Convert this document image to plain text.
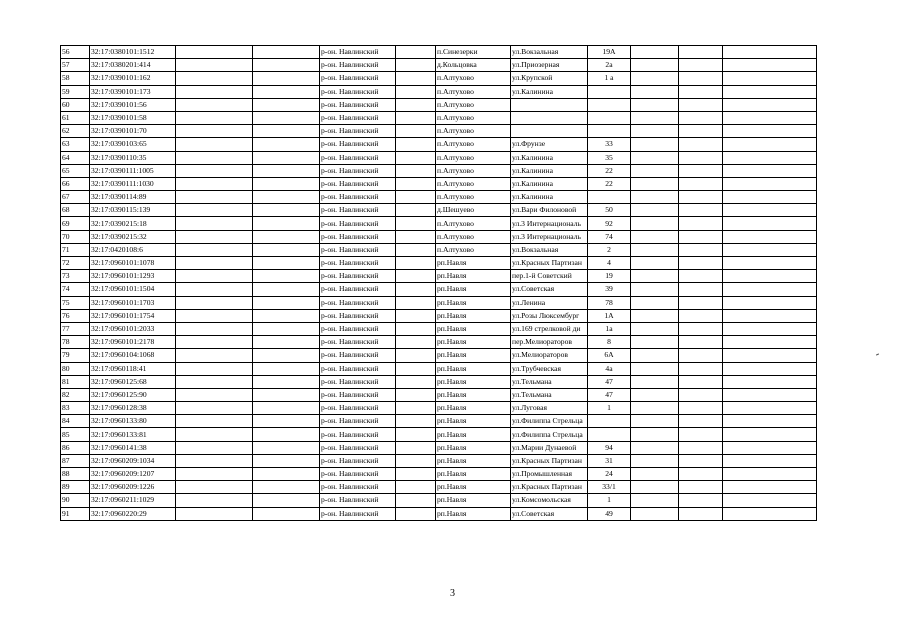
56	32:17:0380101:1512			р-он. Навлинский		п.Синезерки	ул.Вокзальная	19А			
57	32:17:0380201:414			р-он. Навлинский		д.Кольцовка	ул.Приозерная	2а			
58	32:17:0390101:162			р-он. Навлинский		п.Алтухово	ул.Крупской	1 а			
59	32:17:0390101:173			р-он. Навлинский		п.Алтухово	ул.Калинина				
60	32:17:0390101:56			р-он. Навлинский		п.Алтухово					
61	32:17:0390101:58			р-он. Навлинский		п.Алтухово					
62	32:17:0390101:70			р-он. Навлинский		п.Алтухово					
63	32:17:0390103:65			р-он. Навлинский		п.Алтухово	ул.Фрунзе	33			
64	32:17:0390110:35			р-он. Навлинский		п.Алтухово	ул.Калинина	35			
65	32:17:0390111:1005			р-он. Навлинский		п.Алтухово	ул.Калинина	22			
66	32:17:0390111:1030			р-он. Навлинский		п.Алтухово	ул.Калинина	22			
67	32:17:0390114:89			р-он. Навлинский		п.Алтухово	ул.Калинина				
68	32:17:0390115:139			р-он. Навлинский		д.Шешуево	ул.Вари Филоновой	50			
69	32:17:0390215:18			р-он. Навлинский		п.Алтухово	ул.3 Интернациональ	92			
70	32:17:0390215:32			р-он. Навлинский		п.Алтухово	ул.3 Интернациональ	74			
71	32:17:0420108:6			р-он. Навлинский		п.Алтухово	ул.Вокзальная	2			
72	32:17:0960101:1078			р-он. Навлинский		рп.Навля	ул.Красных Партизан	4			
73	32:17:0960101:1293			р-он. Навлинский		рп.Навля	пер.1-й Советский	19			
74	32:17:0960101:1504			р-он. Навлинский		рп.Навля	ул.Советская	39			
75	32:17:0960101:1703			р-он. Навлинский		рп.Навля	ул.Ленина	78			
76	32:17:0960101:1754			р-он. Навлинский		рп.Навля	ул.Розы Люксембург	1А			
77	32:17:0960101:2033			р-он. Навлинский		рп.Навля	ул.169 стрелковой ди	1а			
78	32:17:0960101:2178			р-он. Навлинский		рп.Навля	пер.Мелиораторов	8			
79	32:17:0960104:1068			р-он. Навлинский		рп.Навля	ул.Мелиораторов	6А			
80	32:17:0960118:41			р-он. Навлинский		рп.Навля	ул.Трубчевская	4а			
81	32:17:0960125:68			р-он. Навлинский		рп.Навля	ул.Тельмана	47			
82	32:17:0960125:90			р-он. Навлинский		рп.Навля	ул.Тельмана	47			
83	32:17:0960128:38			р-он. Навлинский		рп.Навля	ул.Луговая	1			
84	32:17:0960133:80			р-он. Навлинский		рп.Навля	ул.Филиппа Стрельца				
85	32:17:0960133:81			р-он. Навлинский		рп.Навля	ул.Филиппа Стрельца				
86	32:17:0960141:38			р-он. Навлинский		рп.Навля	ул.Марии Дунаевой	94			
87	32:17:0960209:1034			р-он. Навлинский		рп.Навля	ул.Красных Партизан	31			
88	32:17:0960209:1207			р-он. Навлинский		рп.Навля	ул.Промышленная	24			
89	32:17:0960209:1226			р-он. Навлинский		рп.Навля	ул.Красных Партизан	33/1			
90	32:17:0960211:1029			р-он. Навлинский		рп.Навля	ул.Комсомольская	1			
91	32:17:0960220:29			р-он. Навлинский		рп.Навля	ул.Советская	49			
3
